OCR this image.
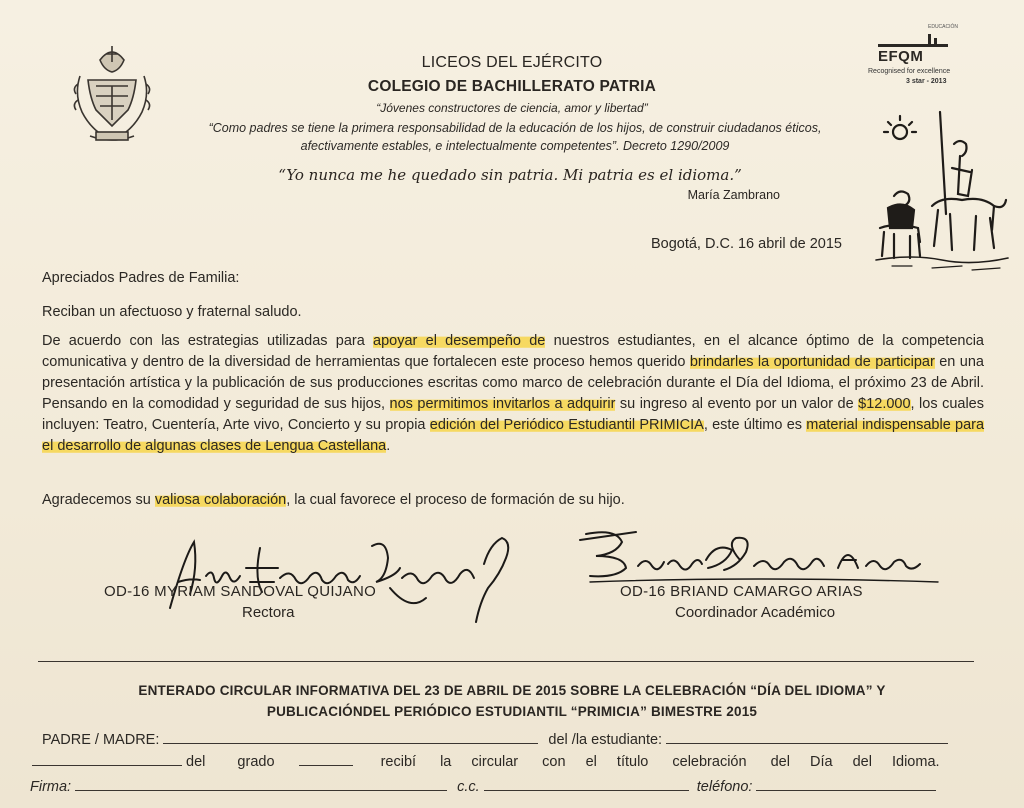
EDUCACIÓN
EFQM
Recognised for excellence
3 star - 2013
LICEOS DEL EJÉRCITO
COLEGIO DE BACHILLERATO PATRIA
“Jóvenes constructores de ciencia, amor y libertad”
“Como padres se tiene la primera responsabilidad de la educación de los hijos, de construir ciudadanos éticos,
afectivamente estables, e intelectualmente competentes”. Decreto 1290/2009
“Yo nunca me he quedado sin patria. Mi patria es el idioma.”
María Zambrano
Bogotá, D.C. 16 abril de 2015
Apreciados Padres de Familia:
Reciban un afectuoso y fraternal saludo.
De acuerdo con las estrategias utilizadas para apoyar el desempeño de nuestros estudiantes, en el alcance óptimo de la competencia comunicativa y dentro de la diversidad de herramientas que fortalecen este proceso hemos querido brindarles la oportunidad de participar en una presentación artística y la publicación de sus producciones escritas como marco de celebración durante el Día del Idioma, el próximo 23 de Abril. Pensando en la comodidad y seguridad de sus hijos, nos permitimos invitarlos a adquirir su ingreso al evento por un valor de $12.000, los cuales incluyen: Teatro, Cuentería, Arte vivo, Concierto y su propia edición del Periódico Estudiantil PRIMICIA, este último es material indispensable para el desarrollo de algunas clases de Lengua Castellana.
Agradecemos su valiosa colaboración, la cual favorece el proceso de formación de su hijo.
OD-16 MYRIAM SANDOVAL QUIJANO
Rectora
OD-16 BRIAND CAMARGO ARIAS
Coordinador Académico
ENTERADO CIRCULAR INFORMATIVA DEL 23 DE ABRIL DE 2015 SOBRE LA CELEBRACIÓN “DÍA DEL IDIOMA” Y
PUBLICACIÓNDEL PERIÓDICO ESTUDIANTIL “PRIMICIA” BIMESTRE 2015
PADRE / MADRE:	del /la estudiante:
del grado	recibí la circular con el título celebración del Día del Idioma.
Firma:	c.c.	teléfono:
